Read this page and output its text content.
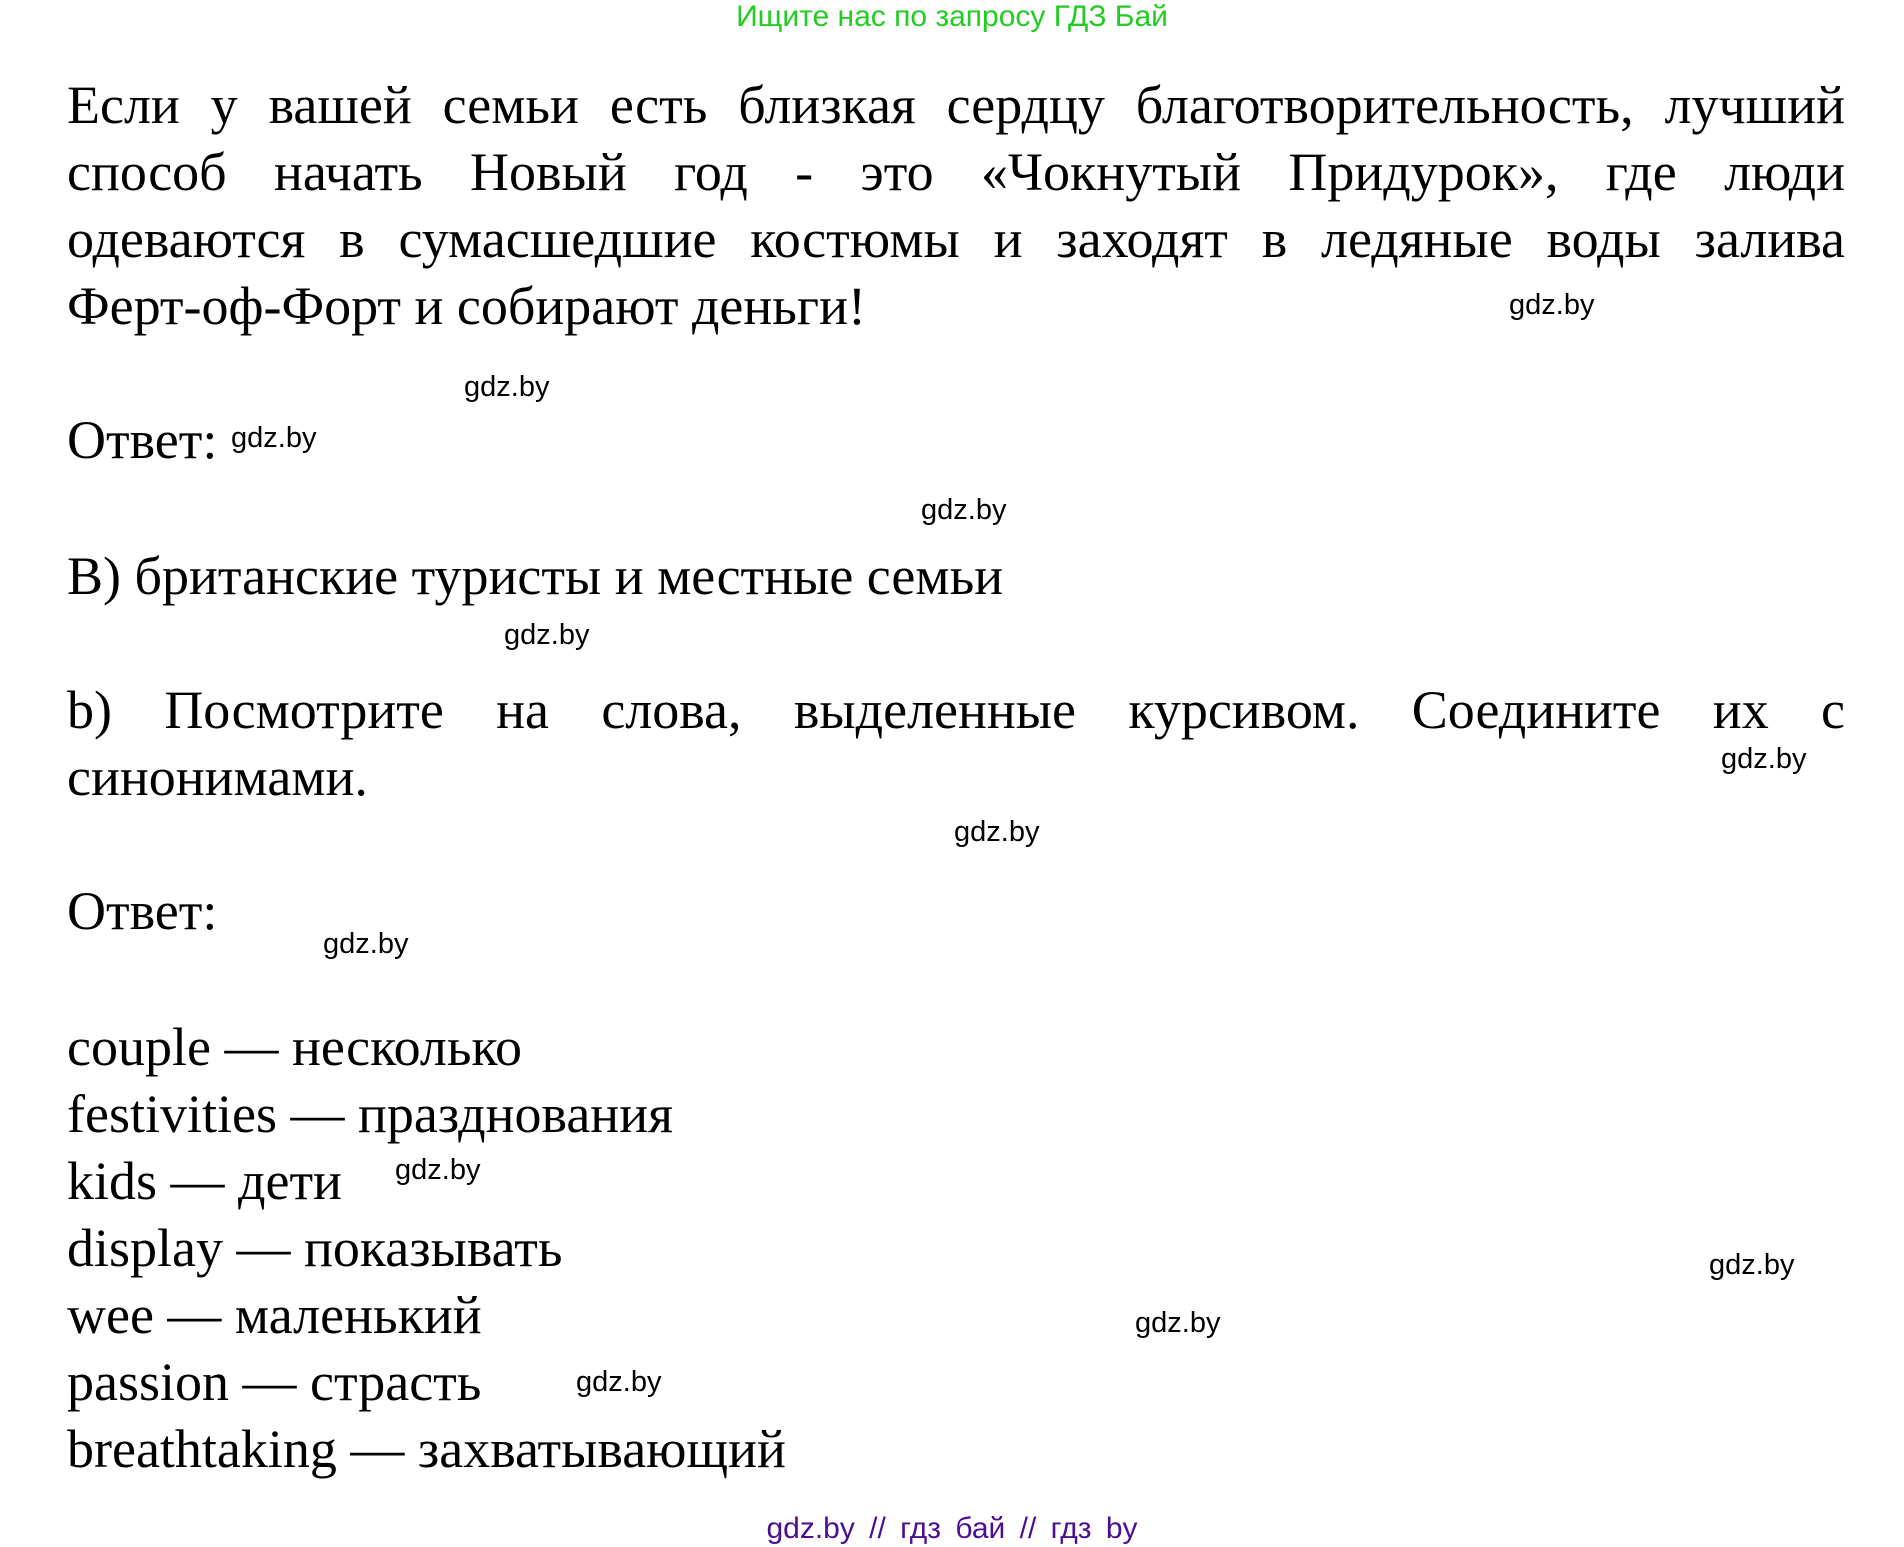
Ищите нас по запросу ГДЗ Бай
Если у вашей семьи есть близкая сердцу благотворительность, лучший
способ начать Новый год - это «Чокнутый Придурок», где люди
одеваются в сумасшедшие костюмы и заходят в ледяные воды залива
Ферт-оф-Форт и собирают деньги!
Ответ:
В) британские туристы и местные семьи
b) Посмотрите на слова, выделенные курсивом. Соедините их с
синонимами.
Ответ:
couple — несколько
festivities — празднования
kids — дети
display — показывать
wee — маленький
passion — страсть
breathtaking — захватывающий
gdz.by
gdz.by
gdz.by
gdz.by
gdz.by
gdz.by
gdz.by
gdz.by
gdz.by
gdz.by
gdz.by
gdz.by
gdz.by // гдз бай // гдз by
